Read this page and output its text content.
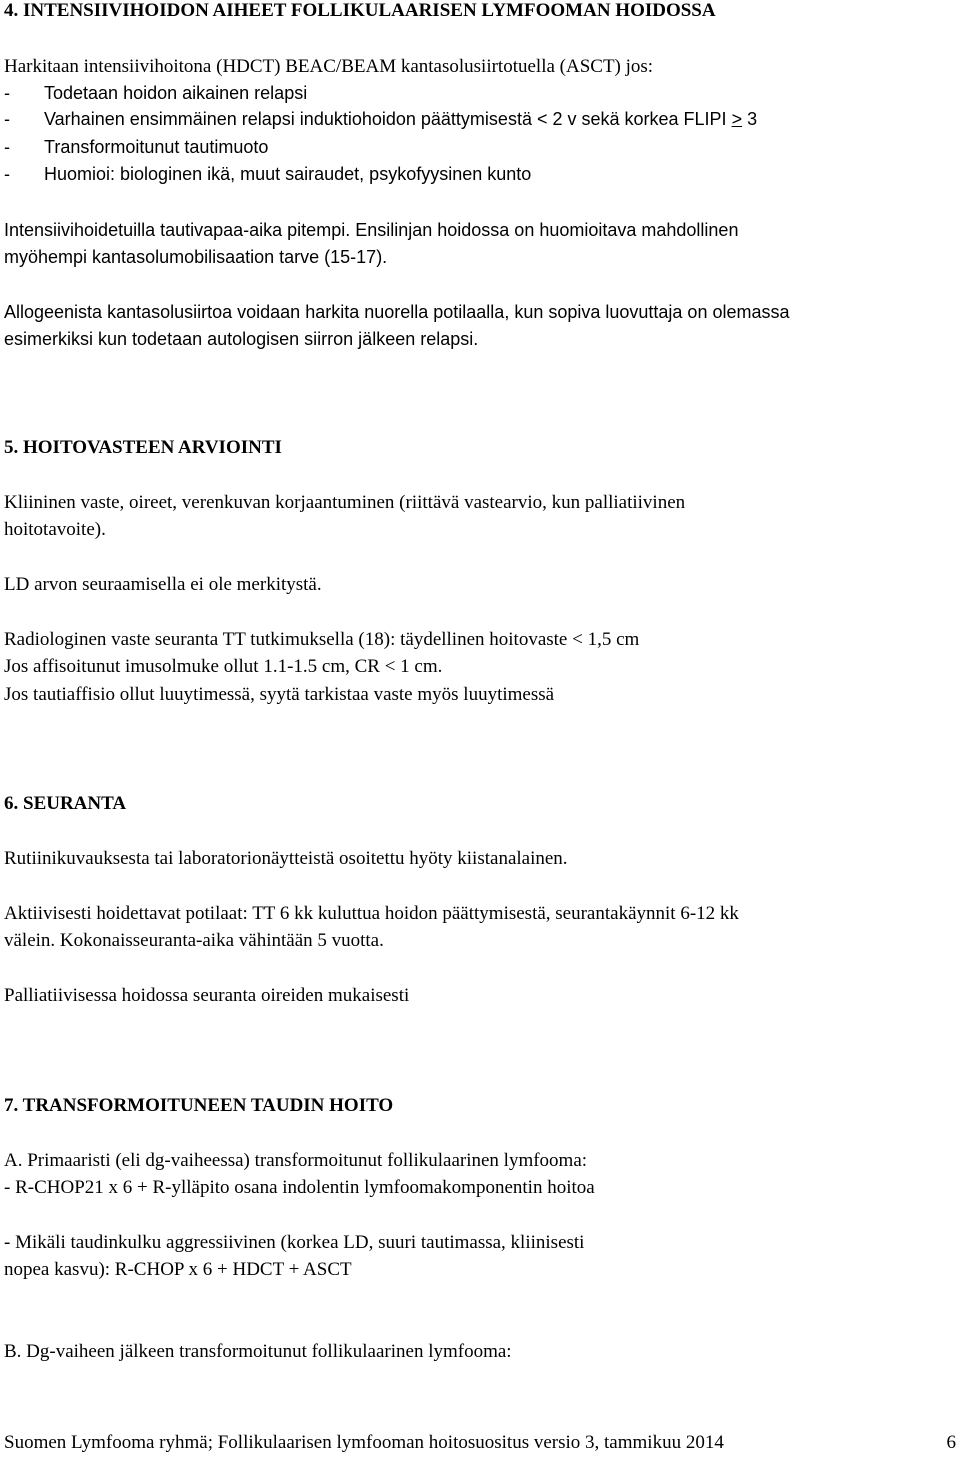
4. INTENSIIVIHOIDON AIHEET FOLLIKULAARISEN LYMFOOMAN HOIDOSSA
Harkitaan intensiivihoitona (HDCT) BEAC/BEAM kantasolusiirtotuella (ASCT) jos:
- Todetaan hoidon aikainen relapsi
- Varhainen ensimmäinen relapsi induktiohoidon päättymisestä < 2 v sekä korkea FLIPI ≥ 3
- Transformoitunut tautimuoto
- Huomioi: biologinen ikä, muut sairaudet, psykofyysinen kunto
Intensiivihoidetuilla tautivapaa-aika pitempi. Ensilinjan hoidossa on huomioitava mahdollinen
myöhempi kantasolumobilisaation tarve (15-17).
Allogeenista kantasolusiirtoa voidaan harkita nuorella potilaalla, kun sopiva luovuttaja on olemassa
esimerkiksi kun todetaan autologisen siirron jälkeen relapsi.
5. HOITOVASTEEN ARVIOINTI
Kliininen vaste, oireet, verenkuvan korjaantuminen (riittävä vastearvio, kun palliatiivinen
hoitotavoite).
LD arvon seuraamisella ei ole merkitystä.
Radiologinen vaste seuranta TT tutkimuksella (18): täydellinen hoitovaste < 1,5 cm
Jos affisoitunut imusolmuke ollut 1.1-1.5 cm, CR < 1 cm.
Jos tautiaffisio ollut luuytimessä, syytä tarkistaa vaste myös luuytimessä
6. SEURANTA
Rutiinikuvauksesta tai laboratorionäytteistä osoitettu hyöty kiistanalainen.
Aktiivisesti hoidettavat potilaat: TT 6 kk kuluttua hoidon päättymisestä, seurantakäynnit 6-12 kk
välein. Kokonaisseuranta-aika vähintään 5 vuotta.
Palliatiivisessa hoidossa seuranta oireiden mukaisesti
7. TRANSFORMOITUNEEN TAUDIN HOITO
A. Primaaristi (eli dg-vaiheessa) transformoitunut follikulaarinen lymfooma:
- R-CHOP21 x 6 + R-ylläpito osana indolentin lymfoomakomponentin hoitoa
- Mikäli taudinkulku aggressiivinen (korkea LD, suuri tautimassa, kliinisesti
nopea kasvu): R-CHOP x 6 + HDCT + ASCT
B. Dg-vaiheen jälkeen transformoitunut follikulaarinen lymfooma:
Suomen Lymfooma ryhmä; Follikulaarisen lymfooman hoitosuositus versio 3, tammikuu 2014	6
